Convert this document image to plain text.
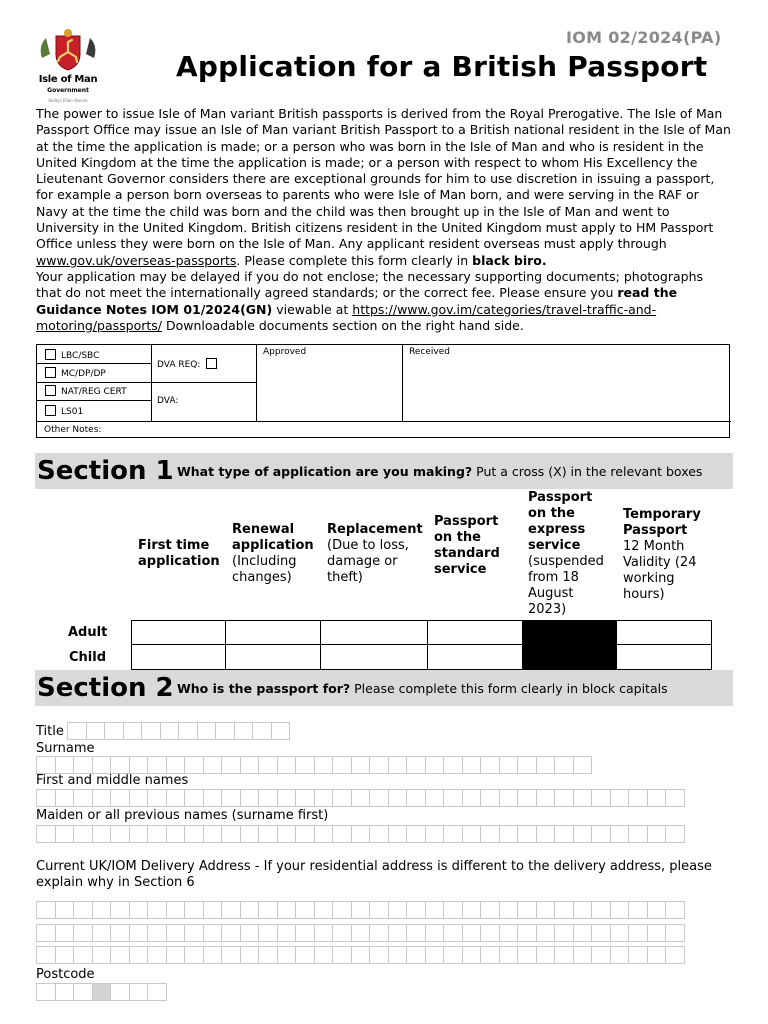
IOM 02/2024(PA)
Isle of Man
Government
Reiltys Ellan Vannin
Application for a British Passport
The power to issue Isle of Man variant British passports is derived from the Royal Prerogative. The Isle of Man Passport Office may issue an Isle of Man variant British Passport to a British national resident in the Isle of Man at the time the application is made; or a person who was born in the Isle of Man and who is resident in the United Kingdom at the time the application is made; or a person with respect to whom His Excellency the Lieutenant Governor considers there are exceptional grounds for him to use discretion in issuing a passport, for example a person born overseas to parents who were Isle of Man born, and were serving in the RAF or Navy at the time the child was born and the child was then brought up in the Isle of Man and went to University in the United Kingdom. British citizens resident in the United Kingdom must apply to HM Passport Office unless they were born on the Isle of Man. Any applicant resident overseas must apply through www.gov.uk/overseas-passports. Please complete this form clearly in black biro.
Your application may be delayed if you do not enclose; the necessary supporting documents; photographs that do not meet the internationally agreed standards; or the correct fee. Please ensure you read the Guidance Notes IOM 01/2024(GN) viewable at https://www.gov.im/categories/travel-traffic-and-motoring/passports/ Downloadable documents section on the right hand side.
LBC/SBC
MC/DP/DP
NAT/REG CERT
LS01
DVA REQ:
DVA:
Approved	Received
Other Notes:
Section 1 What type of application are you making? Put a cross (X) in the relevant boxes
First time application
Renewal application
(Including changes)
Replacement
(Due to loss, damage or theft)
Passport on the standard service
Passport on the express service
(suspended from 18 August 2023)
Temporary Passport
12 Month Validity (24 working hours)
Adult
Child
Section 2 Who is the passport for? Please complete this form clearly in block capitals
Title
Surname
First and middle names
Maiden or all previous names (surname first)
Current UK/IOM Delivery Address - If your residential address is different to the delivery address, please explain why in Section 6
Postcode
